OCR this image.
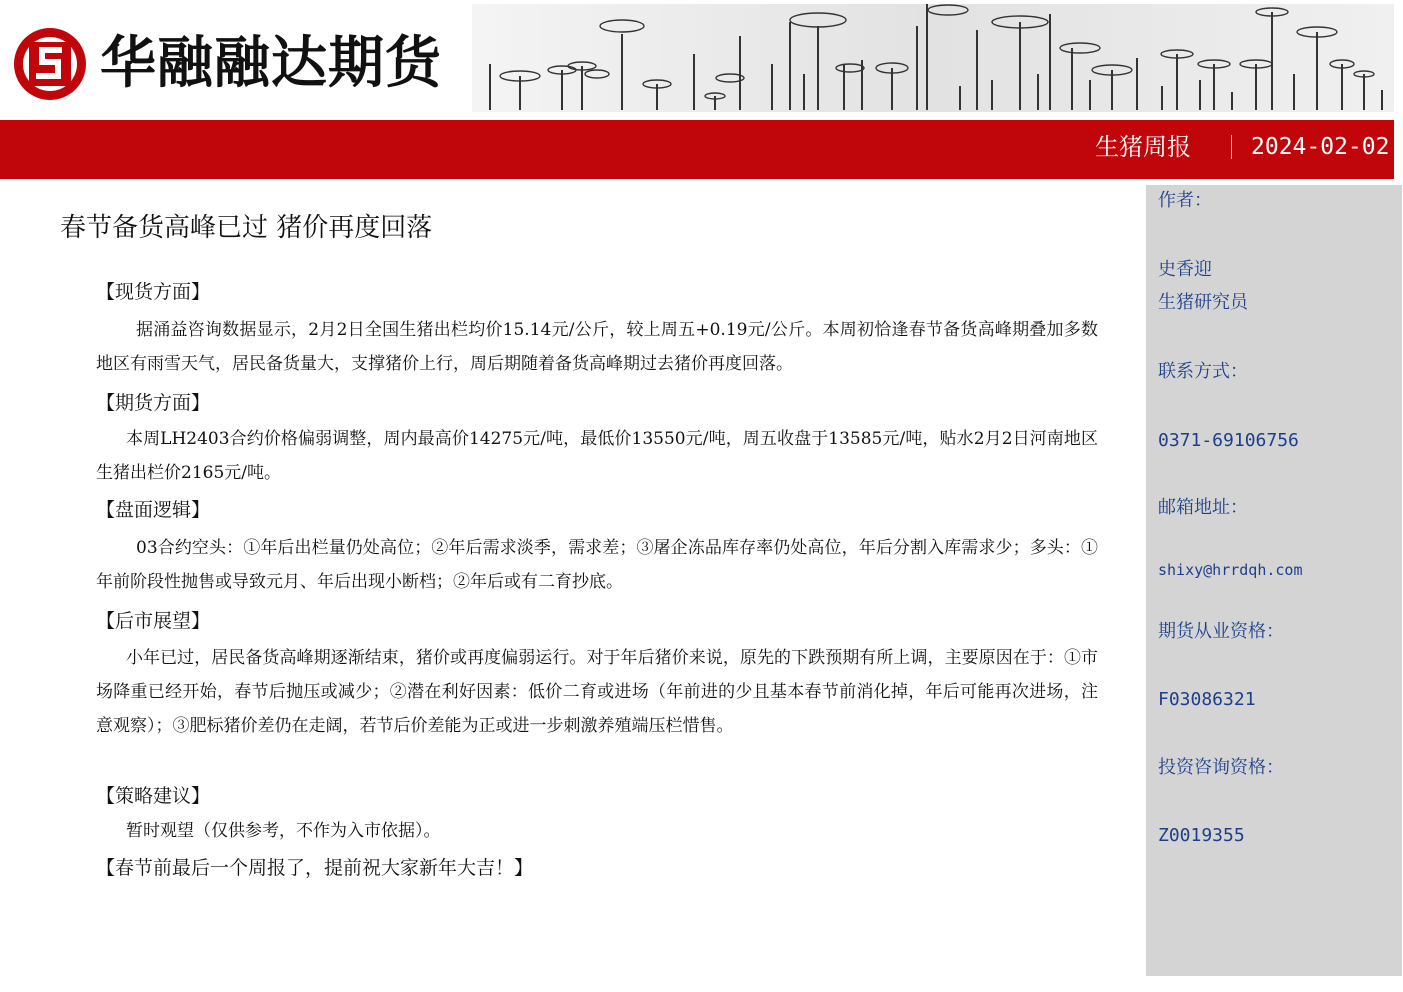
华融融达期货
生猪周报	2024-02-02
作者：
史香迎
生猪研究员
联系方式：
0371-69106756
邮箱地址：
shixy@hrrdqh.com
期货从业资格：
F03086321
投资咨询资格：
Z0019355
春节备货高峰已过 猪价再度回落
【现货方面】
据涌益咨询数据显示，2月2日全国生猪出栏均价15.14元/公斤，较上周五+0.19元/公斤。本周初恰逢春节备货高峰期叠加多数地区有雨雪天气，居民备货量大，支撑猪价上行，周后期随着备货高峰期过去猪价再度回落。
【期货方面】
本周LH2403合约价格偏弱调整，周内最高价14275元/吨，最低价13550元/吨，周五收盘于13585元/吨，贴水2月2日河南地区生猪出栏价2165元/吨。
【盘面逻辑】
03合约空头：①年后出栏量仍处高位；②年后需求淡季，需求差；③屠企冻品库存率仍处高位，年后分割入库需求少；多头：①年前阶段性抛售或导致元月、年后出现小断档；②年后或有二育抄底。
【后市展望】
小年已过，居民备货高峰期逐渐结束，猪价或再度偏弱运行。对于年后猪价来说，原先的下跌预期有所上调，主要原因在于：①市场降重已经开始，春节后抛压或减少；②潜在利好因素：低价二育或进场（年前进的少且基本春节前消化掉，年后可能再次进场，注意观察）；③肥标猪价差仍在走阔，若节后价差能为正或进一步刺激养殖端压栏惜售。
【策略建议】
暂时观望（仅供参考，不作为入市依据）。
【春节前最后一个周报了，提前祝大家新年大吉！】
